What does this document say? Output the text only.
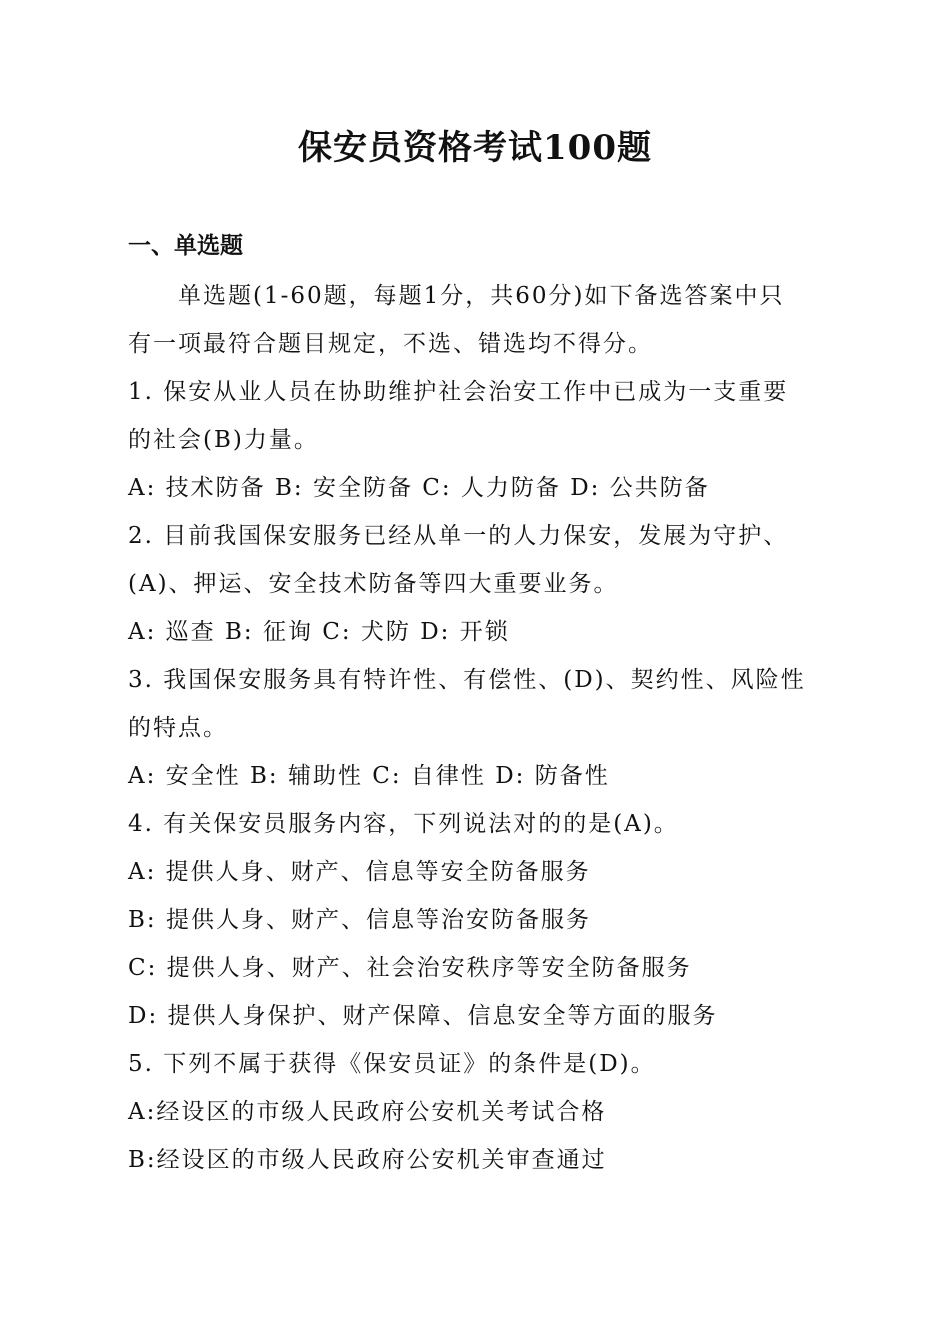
保安员资格考试100题
一、单选题
单选题(1-60题，每题1分，共60分)如下备选答案中只
有一项最符合题目规定，不选、错选均不得分。
1. 保安从业人员在协助维护社会治安工作中已成为一支重要
的社会(B)力量。
A: 技术防备 B: 安全防备 C: 人力防备 D: 公共防备
2. 目前我国保安服务已经从单一的人力保安，发展为守护、
(A)、押运、安全技术防备等四大重要业务。
A: 巡查 B: 征询 C: 犬防 D: 开锁
3. 我国保安服务具有特许性、有偿性、(D)、契约性、风险性
的特点。
A: 安全性 B: 辅助性 C: 自律性 D: 防备性
4. 有关保安员服务内容，下列说法对的的是(A)。
A: 提供人身、财产、信息等安全防备服务
B: 提供人身、财产、信息等治安防备服务
C: 提供人身、财产、社会治安秩序等安全防备服务
D: 提供人身保护、财产保障、信息安全等方面的服务
5. 下列不属于获得《保安员证》的条件是(D)。
A:经设区的市级人民政府公安机关考试合格
B:经设区的市级人民政府公安机关审查通过
